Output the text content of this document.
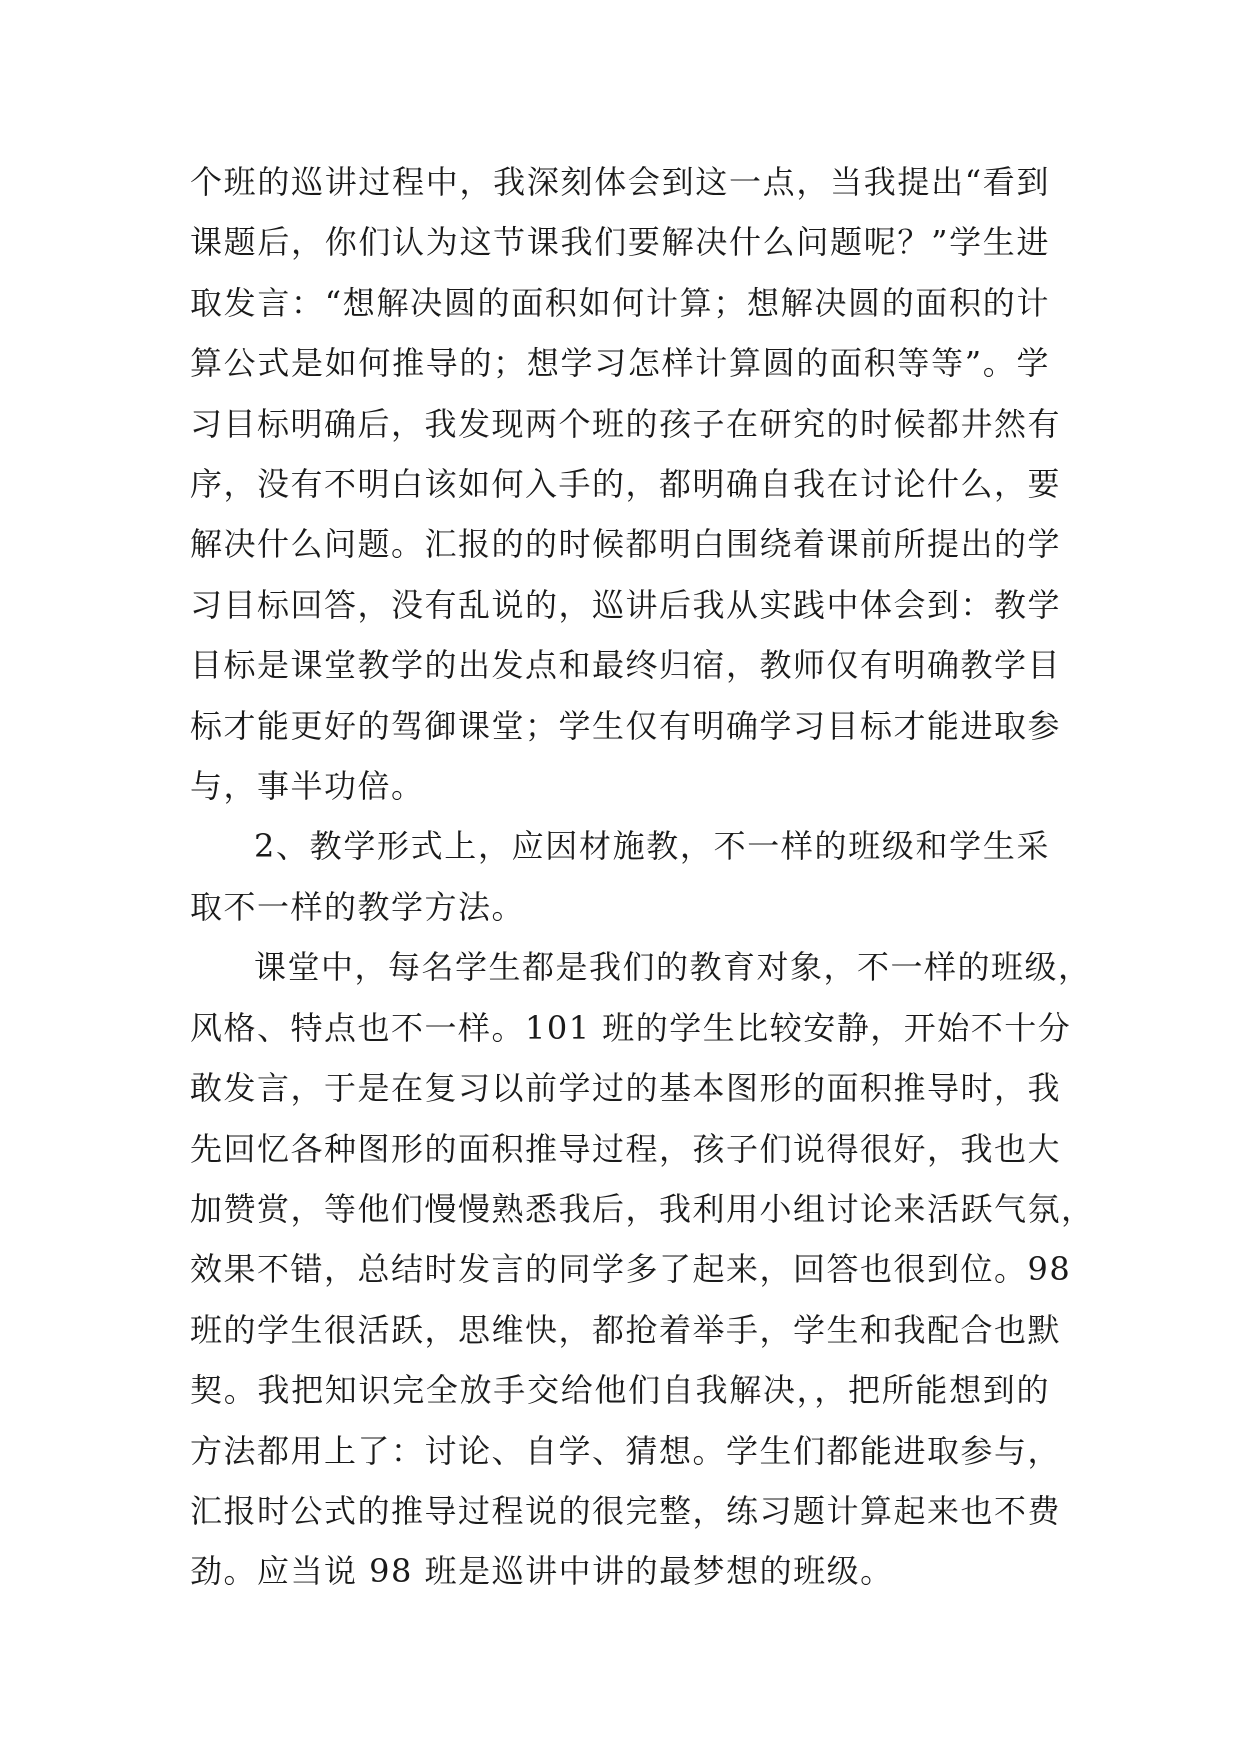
个班的巡讲过程中，我深刻体会到这一点，当我提出“看到
课题后，你们认为这节课我们要解决什么问题呢？”学生进
取发言：“想解决圆的面积如何计算；想解决圆的面积的计
算公式是如何推导的；想学习怎样计算圆的面积等等”。学
习目标明确后，我发现两个班的孩子在研究的时候都井然有
序，没有不明白该如何入手的，都明确自我在讨论什么，要
解决什么问题。汇报的的时候都明白围绕着课前所提出的学
习目标回答，没有乱说的，巡讲后我从实践中体会到：教学
目标是课堂教学的出发点和最终归宿，教师仅有明确教学目
标才能更好的驾御课堂；学生仅有明确学习目标才能进取参
与，事半功倍。

2、教学形式上，应因材施教，不一样的班级和学生采
取不一样的教学方法。

课堂中，每名学生都是我们的教育对象，不一样的班级，
风格、特点也不一样。101 班的学生比较安静，开始不十分
敢发言，于是在复习以前学过的基本图形的面积推导时，我
先回忆各种图形的面积推导过程，孩子们说得很好，我也大
加赞赏，等他们慢慢熟悉我后，我利用小组讨论来活跃气氛，
效果不错，总结时发言的同学多了起来，回答也很到位。98
班的学生很活跃，思维快，都抢着举手，学生和我配合也默
契。我把知识完全放手交给他们自我解决，，把所能想到的
方法都用上了：讨论、自学、猜想。学生们都能进取参与，
汇报时公式的推导过程说的很完整，练习题计算起来也不费
劲。应当说 98 班是巡讲中讲的最梦想的班级。
